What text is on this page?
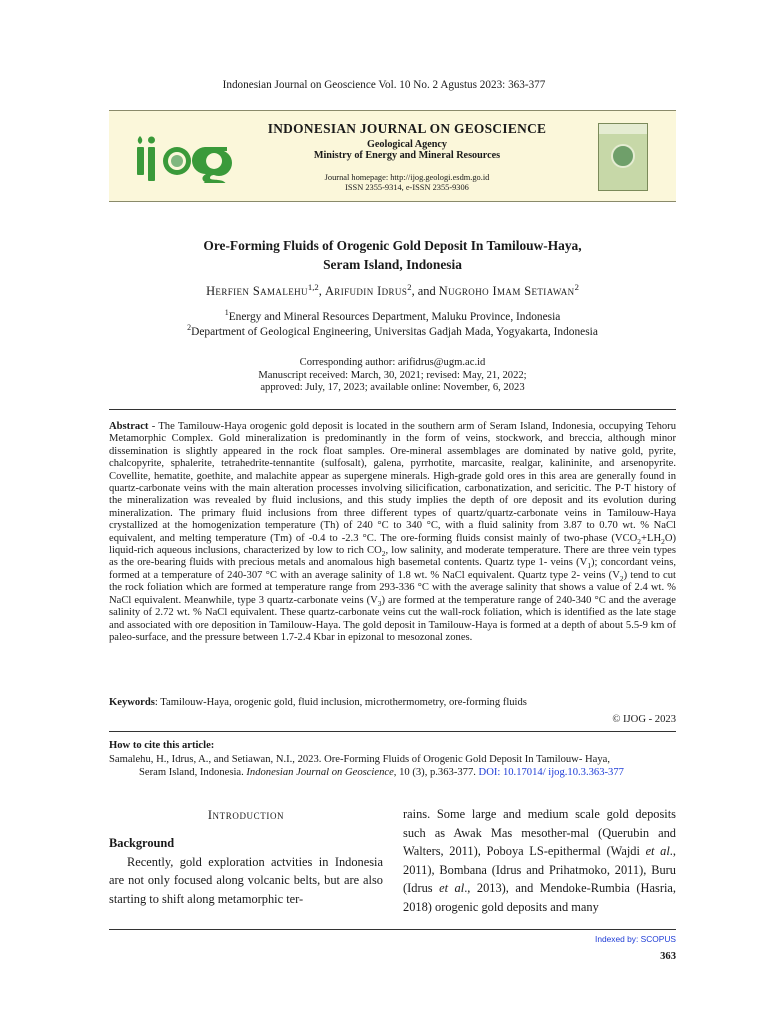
Indonesian Journal on Geoscience Vol. 10 No. 2 Agustus 2023: 363-377
INDONESIAN JOURNAL ON GEOSCIENCE
Geological Agency
Ministry of Energy and Mineral Resources
Journal homepage: http://ijog.geologi.esdm.go.id
ISSN 2355-9314, e-ISSN 2355-9306
Ore-Forming Fluids of Orogenic Gold Deposit In Tamilouw-Haya,
Seram Island, Indonesia
Herfien Samalehu$^{1,2}$, Arifudin Idrus$^2$, and Nugroho Imam Setiawan$^2$
$^1$Energy and Mineral Resources Department, Maluku Province, Indonesia
$^2$Department of Geological Engineering, Universitas Gadjah Mada, Yogyakarta, Indonesia
Corresponding author: arifidrus@ugm.ac.id
Manuscript received: March, 30, 2021; revised: May, 21, 2022;
approved: July, 17, 2023; available online: November, 6, 2023
Abstract - The Tamilouw-Haya orogenic gold deposit is located in the southern arm of Seram Island, Indonesia, occupying Tehoru Metamorphic Complex. Gold mineralization is predominantly in the form of veins, stockwork, and breccia, although minor dissemination is slightly appeared in the rock float samples. Ore-mineral assemblages are dominated by native gold, pyrite, chalcopyrite, sphalerite, tetrahedrite-tennantite (sulfosalt), galena, pyrrhotite, marcasite, realgar, kalininite, and arsenopyrite. Covellite, hematite, goethite, and malachite appear as supergene minerals. High-grade gold ores in this area are generally found in quartz-carbonate veins with the main alteration processes involving silicification, carbonatization, and sericitic. The P-T history of the mineralization was revealed by fluid inclusions, and this study implies the depth of ore deposit and its evolution during mineralization. The primary fluid inclusions from three different types of quartz/quartz-carbonate veins in Tamilouw-Haya crystallized at the homogenization temperature (Th) of 240 °C to 340 °C, with a fluid salinity from 3.87 to 0.70 wt. % NaCl equivalent, and melting temperature (Tm) of -0.4 to -2.3 °C. The ore-forming fluids consist mainly of two-phase $(VCO_2+LH_2O)$ liquid-rich aqueous inclusions, characterized by low to rich $CO_2$, low salinity, and moderate temperature. There are three vein types as the ore-bearing fluids with precious metals and anomalous high basemetal contents. Quartz type 1- veins $(V_1)$; concordant veins, formed at a temperature of 240-307 °C with an average salinity of 1.8 wt. % NaCl equivalent. Quartz type 2- veins $(V_2)$ tend to cut the rock foliation which are formed at temperature range from 293-336 °C with the average salinity that shows a value of 2.4 wt. % NaCl equivalent. Meanwhile, type 3 quartz-carbonate veins $(V_3)$ are formed at the temperature range of 240-340 °C and the average salinity of 2.72 wt. % NaCl equivalent. These quartz-carbonate veins cut the wall-rock foliation, which is identified as the late stage and associated with ore deposition in Tamilouw-Haya. The gold deposit in Tamilouw-Haya is formed at a depth of about 5.5-9 km of paleo-surface, and the pressure between 1.7-2.4 Kbar in epizonal to mesozonal zones.
Keywords: Tamilouw-Haya, orogenic gold, fluid inclusion, microthermometry, ore-forming fluids
© IJOG - 2023
How to cite this article:
Samalehu, H., Idrus, A., and Setiawan, N.I., 2023. Ore-Forming Fluids of Orogenic Gold Deposit In Tamilouw- Haya,
Seram Island, Indonesia. Indonesian Journal on Geoscience, 10 (3), p.363-377. DOI: 10.17014/ ijog.10.3.363-377
Introduction
Background
Recently, gold exploration actvities in Indonesia are not only focused along volcanic belts, but are also starting to shift along metamorphic ter-
rains. Some large and medium scale gold deposits such as Awak Mas mesother-mal (Querubin and Walters, 2011), Poboya LS-epithermal (Wajdi et al., 2011), Bombana (Idrus and Prihatmoko, 2011), Buru (Idrus et al., 2013), and Mendoke-Rumbia (Hasria, 2018) orogenic gold deposits and many
Indexed by: SCOPUS
363
